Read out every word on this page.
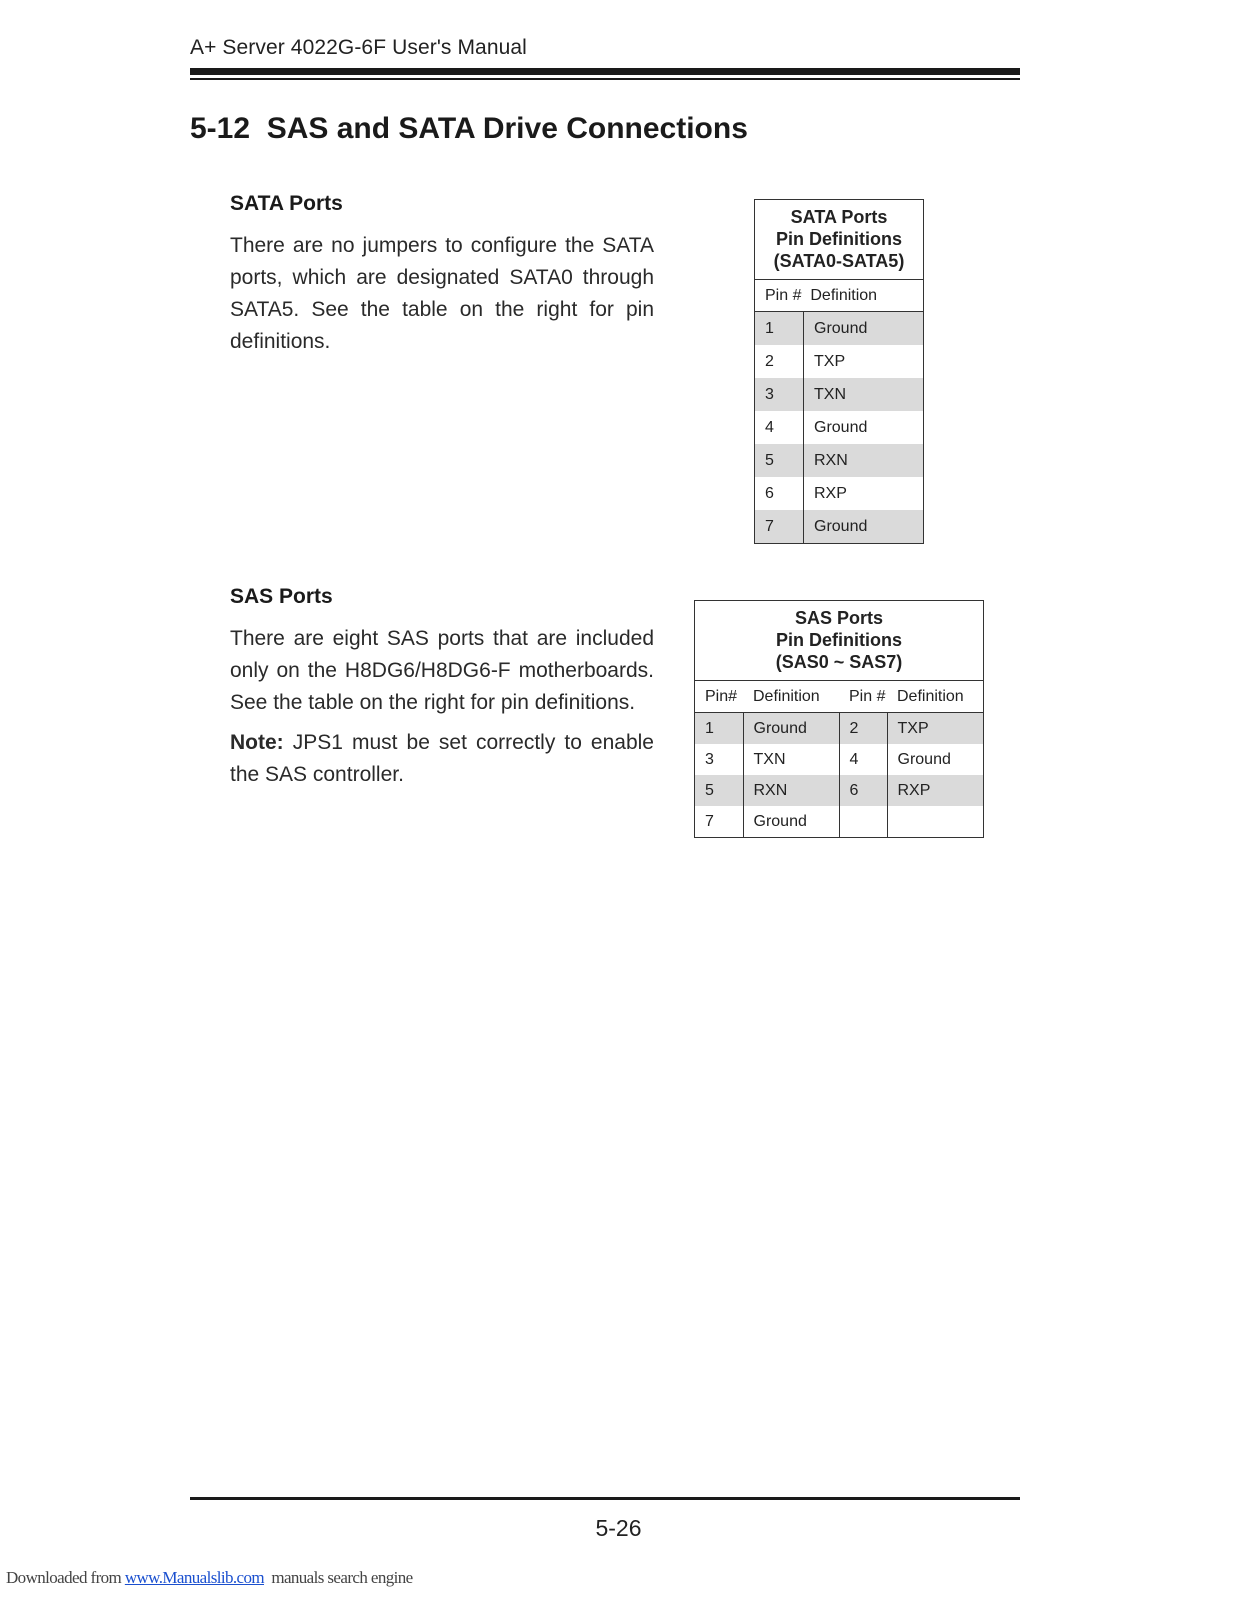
A+ Server 4022G-6F User's Manual
5-12  SAS and SATA Drive Connections
SATA Ports
There are no jumpers to configure the SATA ports, which are designated SATA0 through SATA5. See the table on the right for pin definitions.
SATA Ports
Pin Definitions
(SATA0-SATA5)	

Pin #  Definition	
1	Ground
2	TXP
3	TXN
4	Ground
5	RXN
6	RXP
7	Ground
SAS Ports
There are eight SAS ports that are included only on the H8DG6/H8DG6-F motherboards. See the table on the right for pin definitions.
Note: JPS1 must be set correctly to enable the SAS controller.
SAS Ports
Pin Definitions
(SAS0 ~ SAS7)			

Pin#	Definition	Pin #	Definition
1	Ground	2	TXP
3	TXN	4	Ground
5	RXN	6	RXP
7	Ground		
5-26
Downloaded from www.Manualslib.com  manuals search engine
